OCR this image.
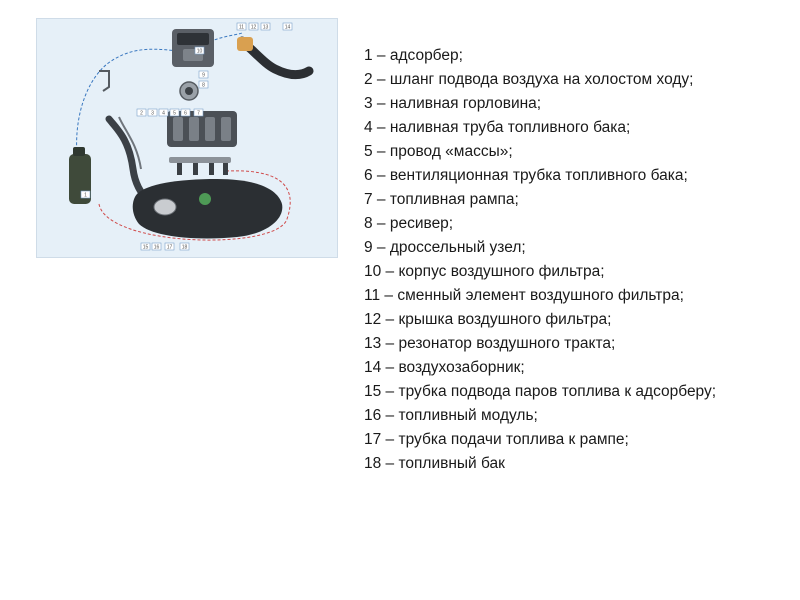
1
2 3 4 5 6 7
8
9
10
11 12 13	14
15 16 17 18
1 – адсорбер;
2 – шланг подвода воздуха на холостом ходу;
3 – наливная горловина;
4 – наливная труба топливного бака;
5 – провод «массы»;
6 – вентиляционная трубка топливного бака;
7 – топливная рампа;
8 – ресивер;
9 – дроссельный узел;
10 – корпус воздушного фильтра;
11 – сменный элемент воздушного фильтра;
12 – крышка воздушного фильтра;
13 – резонатор воздушного тракта;
14 – воздухозаборник;
15 – трубка подвода паров топлива к адсорберу;
16 – топливный модуль;
17 – трубка подачи топлива к рампе;
18 – топливный бак
